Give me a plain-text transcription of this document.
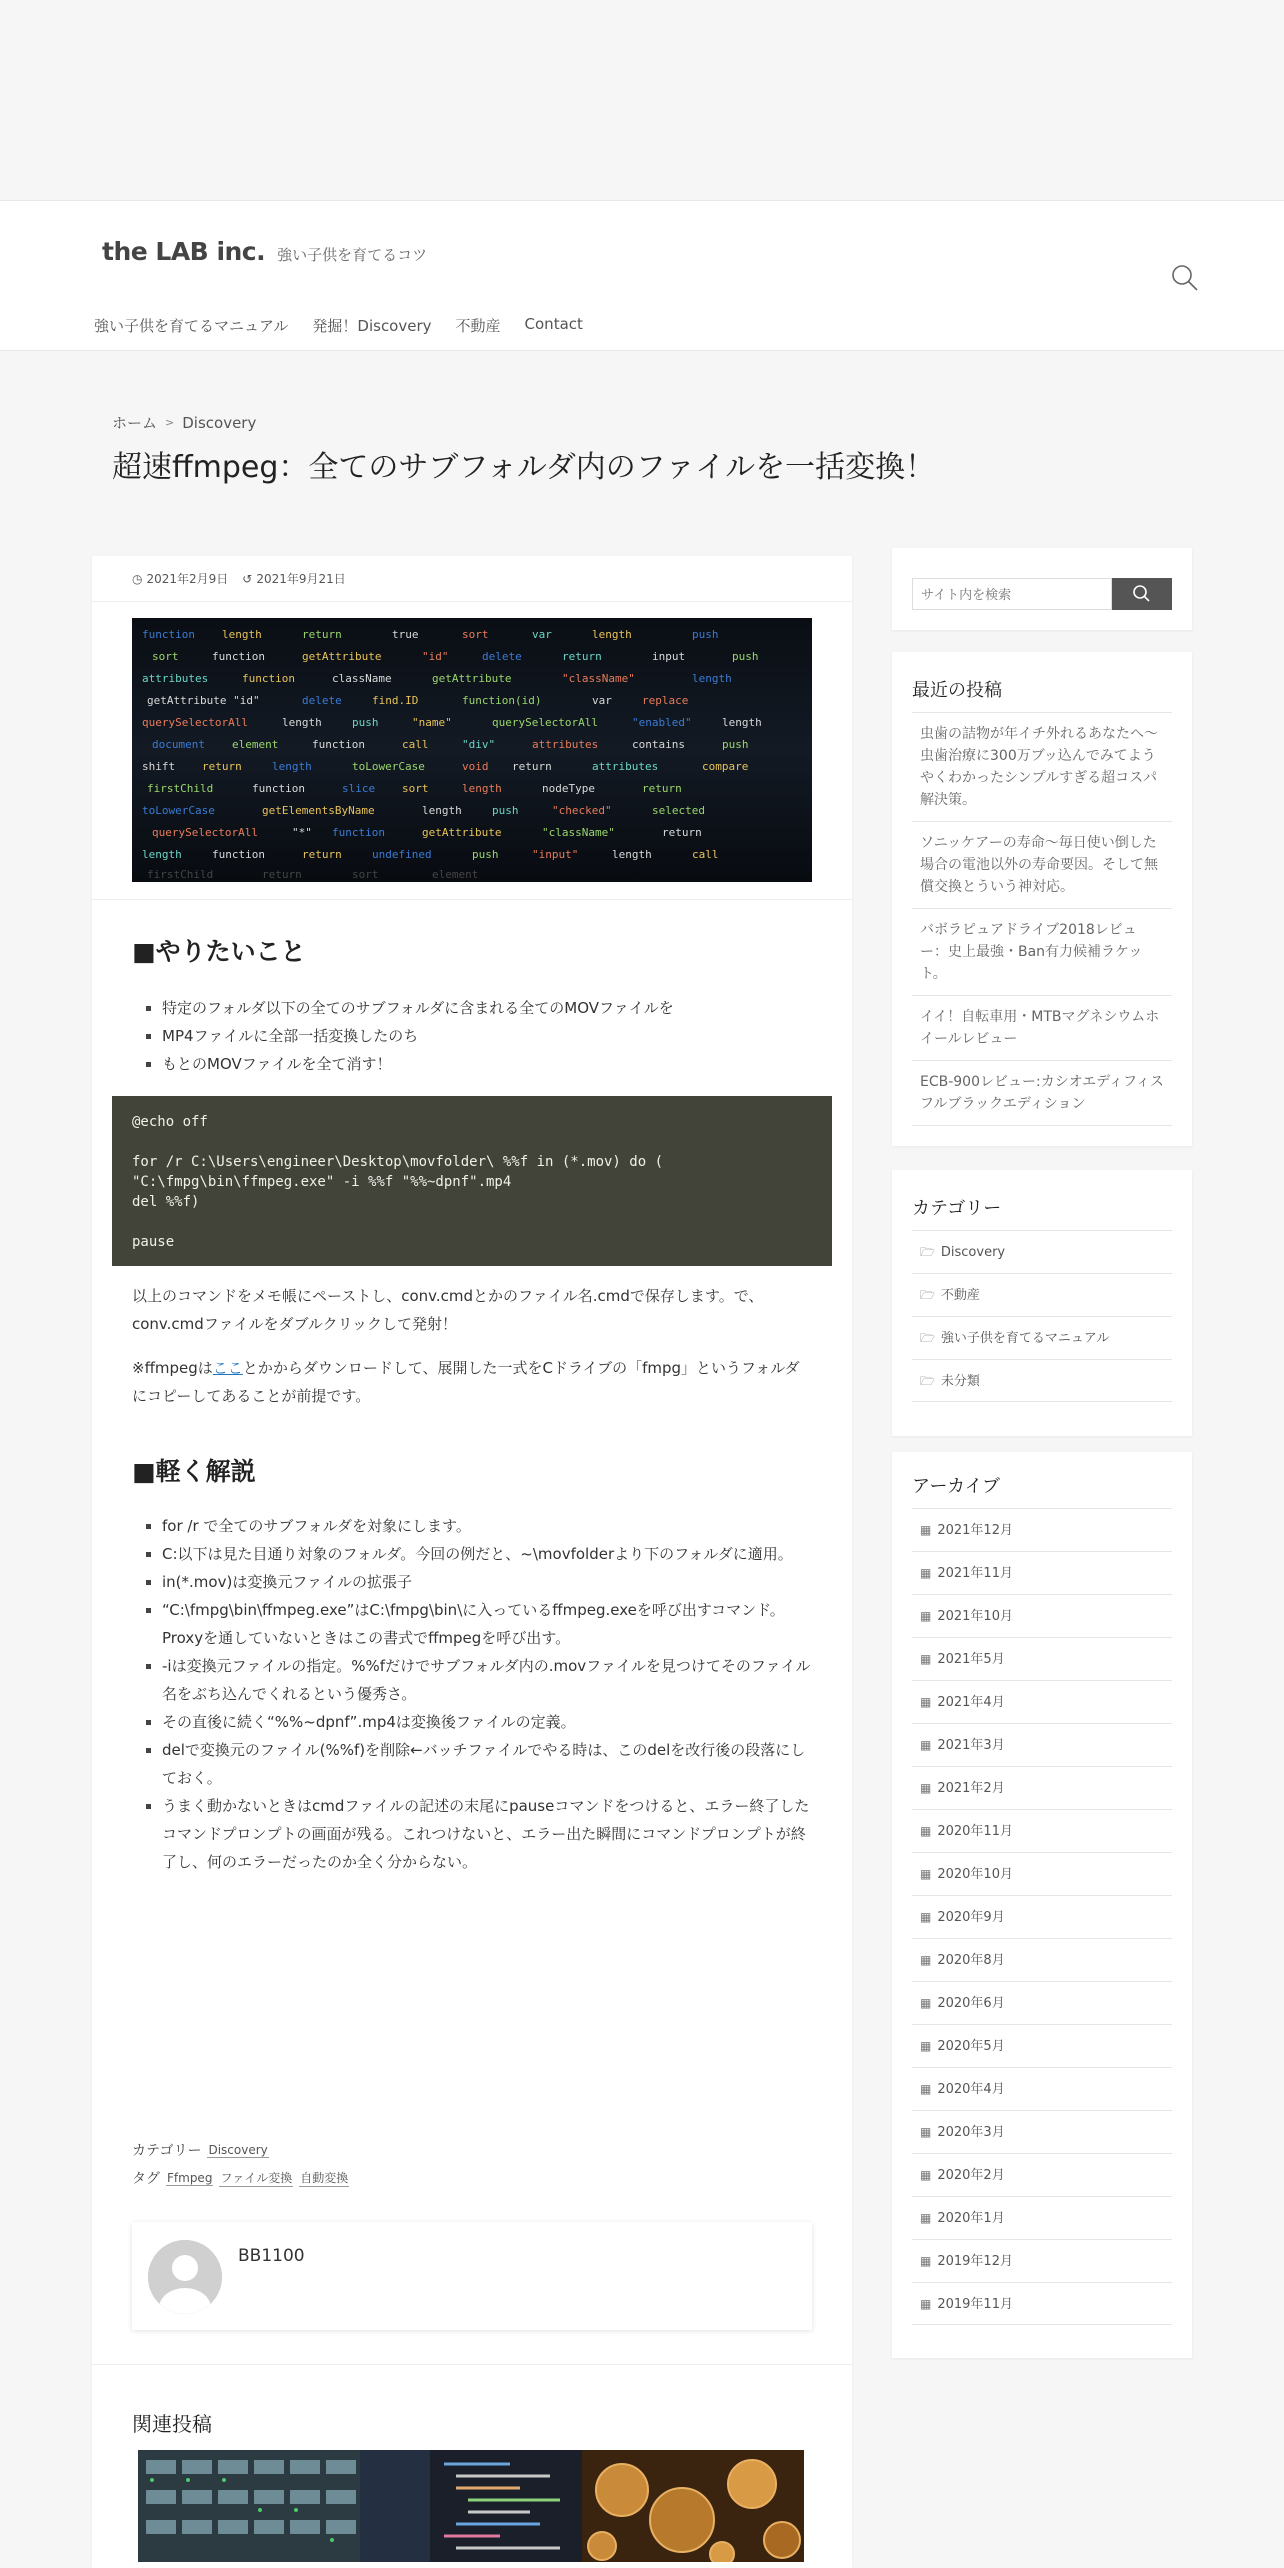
the LAB inc. 強い子供を育てるコツ
強い子供を育てるマニュアル 発掘！Discovery 不動産 Contact
ホーム > Discovery
超速ffmpeg：全てのサブフォルダ内のファイルを一括変換！
◷ 2021年2月9日 ↺ 2021年9月21日
function length	return	true	sort	var	length	push
sort	function	getAttribute	"id"	delete	return	input	push
attributes	function	className	getAttribute	"className"	length
getAttribute "id"	delete	find.ID	function(id)	var	replace
querySelectorAll	length	push	"name"	querySelectorAll	"enabled"	length
document element	function	call	"div"	attributes	contains	push
shift return	length	toLowerCase	void return	attributes	compare
firstChild	function	slice sort	length	nodeType	return
toLowerCase	getElementsByName	length	push	"checked"	selected
querySelectorAll	"*" function	getAttribute	"className"	return
length	function	return	undefined	push	"input"	length	call
firstChild	return	sort	element
■やりたいこと
特定のフォルダ以下の全てのサブフォルダに含まれる全てのMOVファイルを
MP4ファイルに全部一括変換したのち
もとのMOVファイルを全て消す！
@echo off

for /r C:\Users\engineer\Desktop\movfolder\ %%f in (*.mov) do (
"C:\fmpg\bin\ffmpeg.exe" -i %%f "%%~dpnf".mp4
del %%f)

pause

以上のコマンドをメモ帳にペーストし、conv.cmdとかのファイル名.cmdで保存します。で、conv.cmdファイルをダブルクリックして発射！

※ffmpegはこことかからダウンロードして、展開した一式をCドライブの「fmpg」というフォルダにコピーしてあることが前提です。

■軽く解説
for /r で全てのサブフォルダを対象にします。
C:以下は見た目通り対象のフォルダ。今回の例だと、~\movfolderより下のフォルダに適用。
in(*.mov)は変換元ファイルの拡張子
“C:\fmpg\bin\ffmpeg.exe”はC:\fmpg\bin\に入っているffmpeg.exeを呼び出すコマンド。Proxyを通していないときはこの書式でffmpegを呼び出す。
-iは変換元ファイルの指定。%%fだけでサブフォルダ内の.movファイルを見つけてそのファイル名をぶち込んでくれるという優秀さ。
その直後に続く“%%~dpnf”.mp4は変換後ファイルの定義。
delで変換元のファイル(%%f)を削除←バッチファイルでやる時は、このdelを改行後の段落にしておく。
うまく動かないときはcmdファイルの記述の末尾にpauseコマンドをつけると、エラー終了したコマンドプロンプトの画面が残る。これつけないと、エラー出た瞬間にコマンドプロンプトが終了し、何のエラーだったのか全く分からない。
カテゴリー Discovery
タグ Ffmpeg ファイル変換 自動変換
BB1100
関連投稿
サイト内を検索
最近の投稿
虫歯の詰物が年イチ外れるあなたへ〜虫歯治療に300万ブッ込んでみてようやくわかったシンプルすぎる超コスパ解決策。
ソニッケアーの寿命～毎日使い倒した場合の電池以外の寿命要因。そして無償交換とういう神対応。
バボラピュアドライブ2018レビュー：史上最強・Ban有力候補ラケット。
イイ！自転車用・MTBマグネシウムホイールレビュー
ECB-900レビュー:カシオエディフィスフルブラックエディション
カテゴリー
🗁 Discovery
🗁 不動産
🗁 強い子供を育てるマニュアル
🗁 未分類
アーカイブ
▦ 2021年12月
▦ 2021年11月
▦ 2021年10月
▦ 2021年5月
▦ 2021年4月
▦ 2021年3月
▦ 2021年2月
▦ 2020年11月
▦ 2020年10月
▦ 2020年9月
▦ 2020年8月
▦ 2020年6月
▦ 2020年5月
▦ 2020年4月
▦ 2020年3月
▦ 2020年2月
▦ 2020年1月
▦ 2019年12月
▦ 2019年11月
